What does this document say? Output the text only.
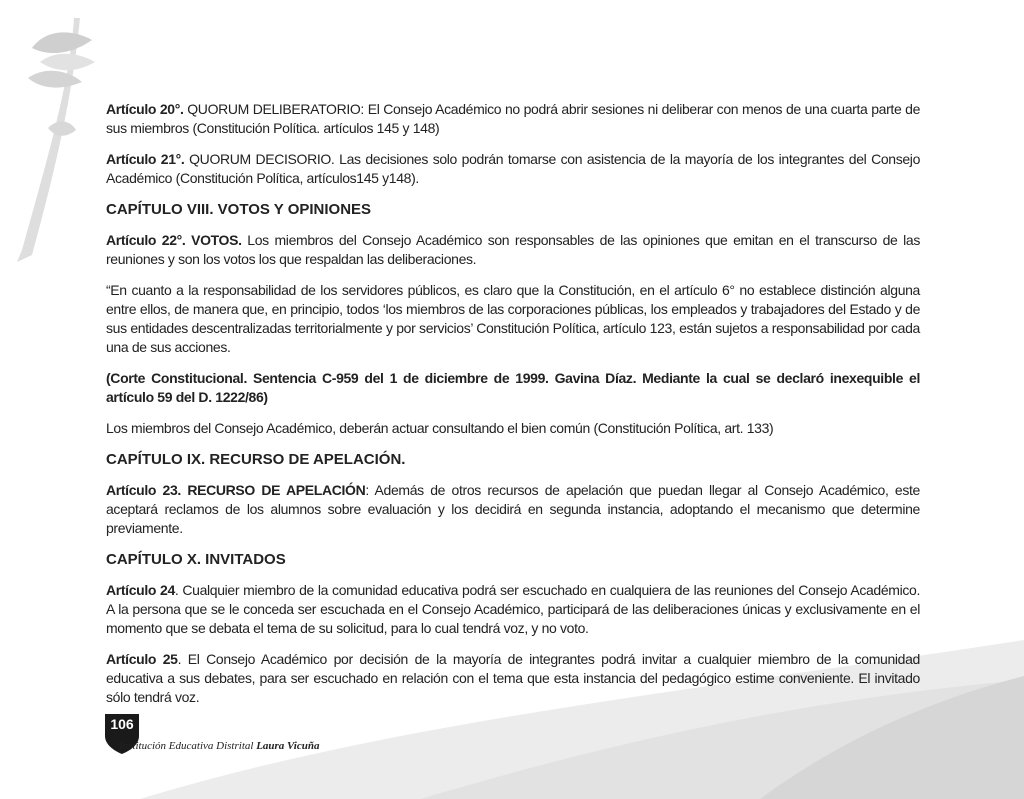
Artículo 20°. QUORUM DELIBERATORIO: El Consejo Académico no podrá abrir sesiones ni deliberar con menos de una cuarta parte de sus miembros (Constitución Política. artículos 145 y 148)

Artículo 21°. QUORUM DECISORIO. Las decisiones solo podrán tomarse con asistencia de la mayoría de los integrantes del Consejo Académico (Constitución Política, artículos145 y148).

CAPÍTULO VIII. VOTOS Y OPINIONES

Artículo 22°. VOTOS. Los miembros del Consejo Académico son responsables de las opiniones que emitan en el transcurso de las reuniones y son los votos los que respaldan las deliberaciones.

“En cuanto a la responsabilidad de los servidores públicos, es claro que la Constitución, en el artículo 6° no establece distinción alguna entre ellos, de manera que, en principio, todos ‘los miembros de las corporaciones públicas, los empleados y trabajadores del Estado y de sus entidades descentralizadas territorialmente y por servicios’ Constitución Política, artículo 123, están sujetos a responsabilidad por cada una de sus acciones.

(Corte Constitucional. Sentencia C-959 del 1 de diciembre de 1999. Gavina Díaz. Mediante la cual se declaró inexequible el artículo 59 del D. 1222/86)

Los miembros del Consejo Académico, deberán actuar consultando el bien común (Constitución Política, art. 133)

CAPÍTULO IX. RECURSO DE APELACIÓN.

Artículo 23. RECURSO DE APELACIÓN: Además de otros recursos de apelación que puedan llegar al Consejo Académico, este aceptará reclamos de los alumnos sobre evaluación y los decidirá en segunda instancia, adoptando el mecanismo que determine previamente.

CAPÍTULO X. INVITADOS

Artículo 24. Cualquier miembro de la comunidad educativa podrá ser escuchado en cualquiera de las reuniones del Consejo Académico. A la persona que se le conceda ser escuchada en el Consejo Académico, participará de las deliberaciones únicas y exclusivamente en el momento que se debata el tema de su solicitud, para lo cual tendrá voz, y no voto.

Artículo 25. El Consejo Académico por decisión de la mayoría de integrantes podrá invitar a cualquier miembro de la comunidad educativa a sus debates, para ser escuchado en relación con el tema que esta instancia del pedagógico estime conveniente. El invitado sólo tendrá voz.

106
Institución Educativa Distrital Laura Vicuña
